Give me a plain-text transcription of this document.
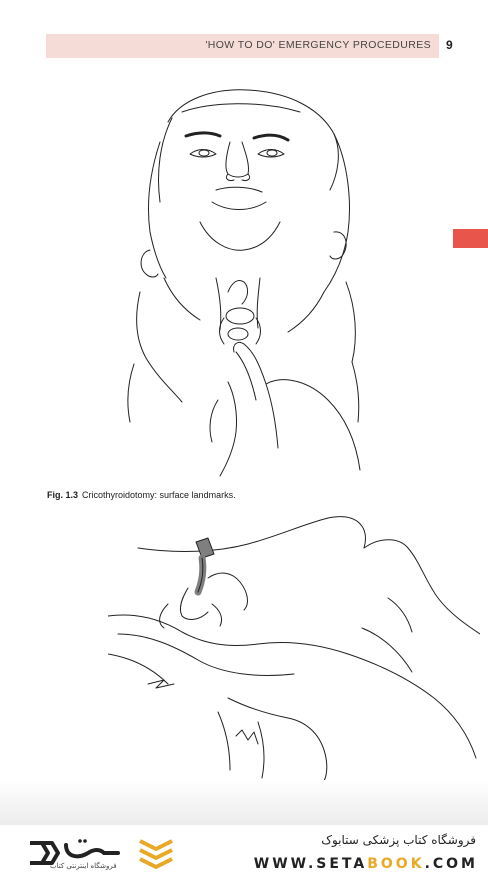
'HOW TO DO' EMERGENCY PROCEDURES 9
Fig. 1.3 Cricothyroidotomy: surface landmarks.
فروشگاه اینترنتی کتاب
فروشگاه کتاب پزشکی ستابوک
WWW.SETABOOK.COM
